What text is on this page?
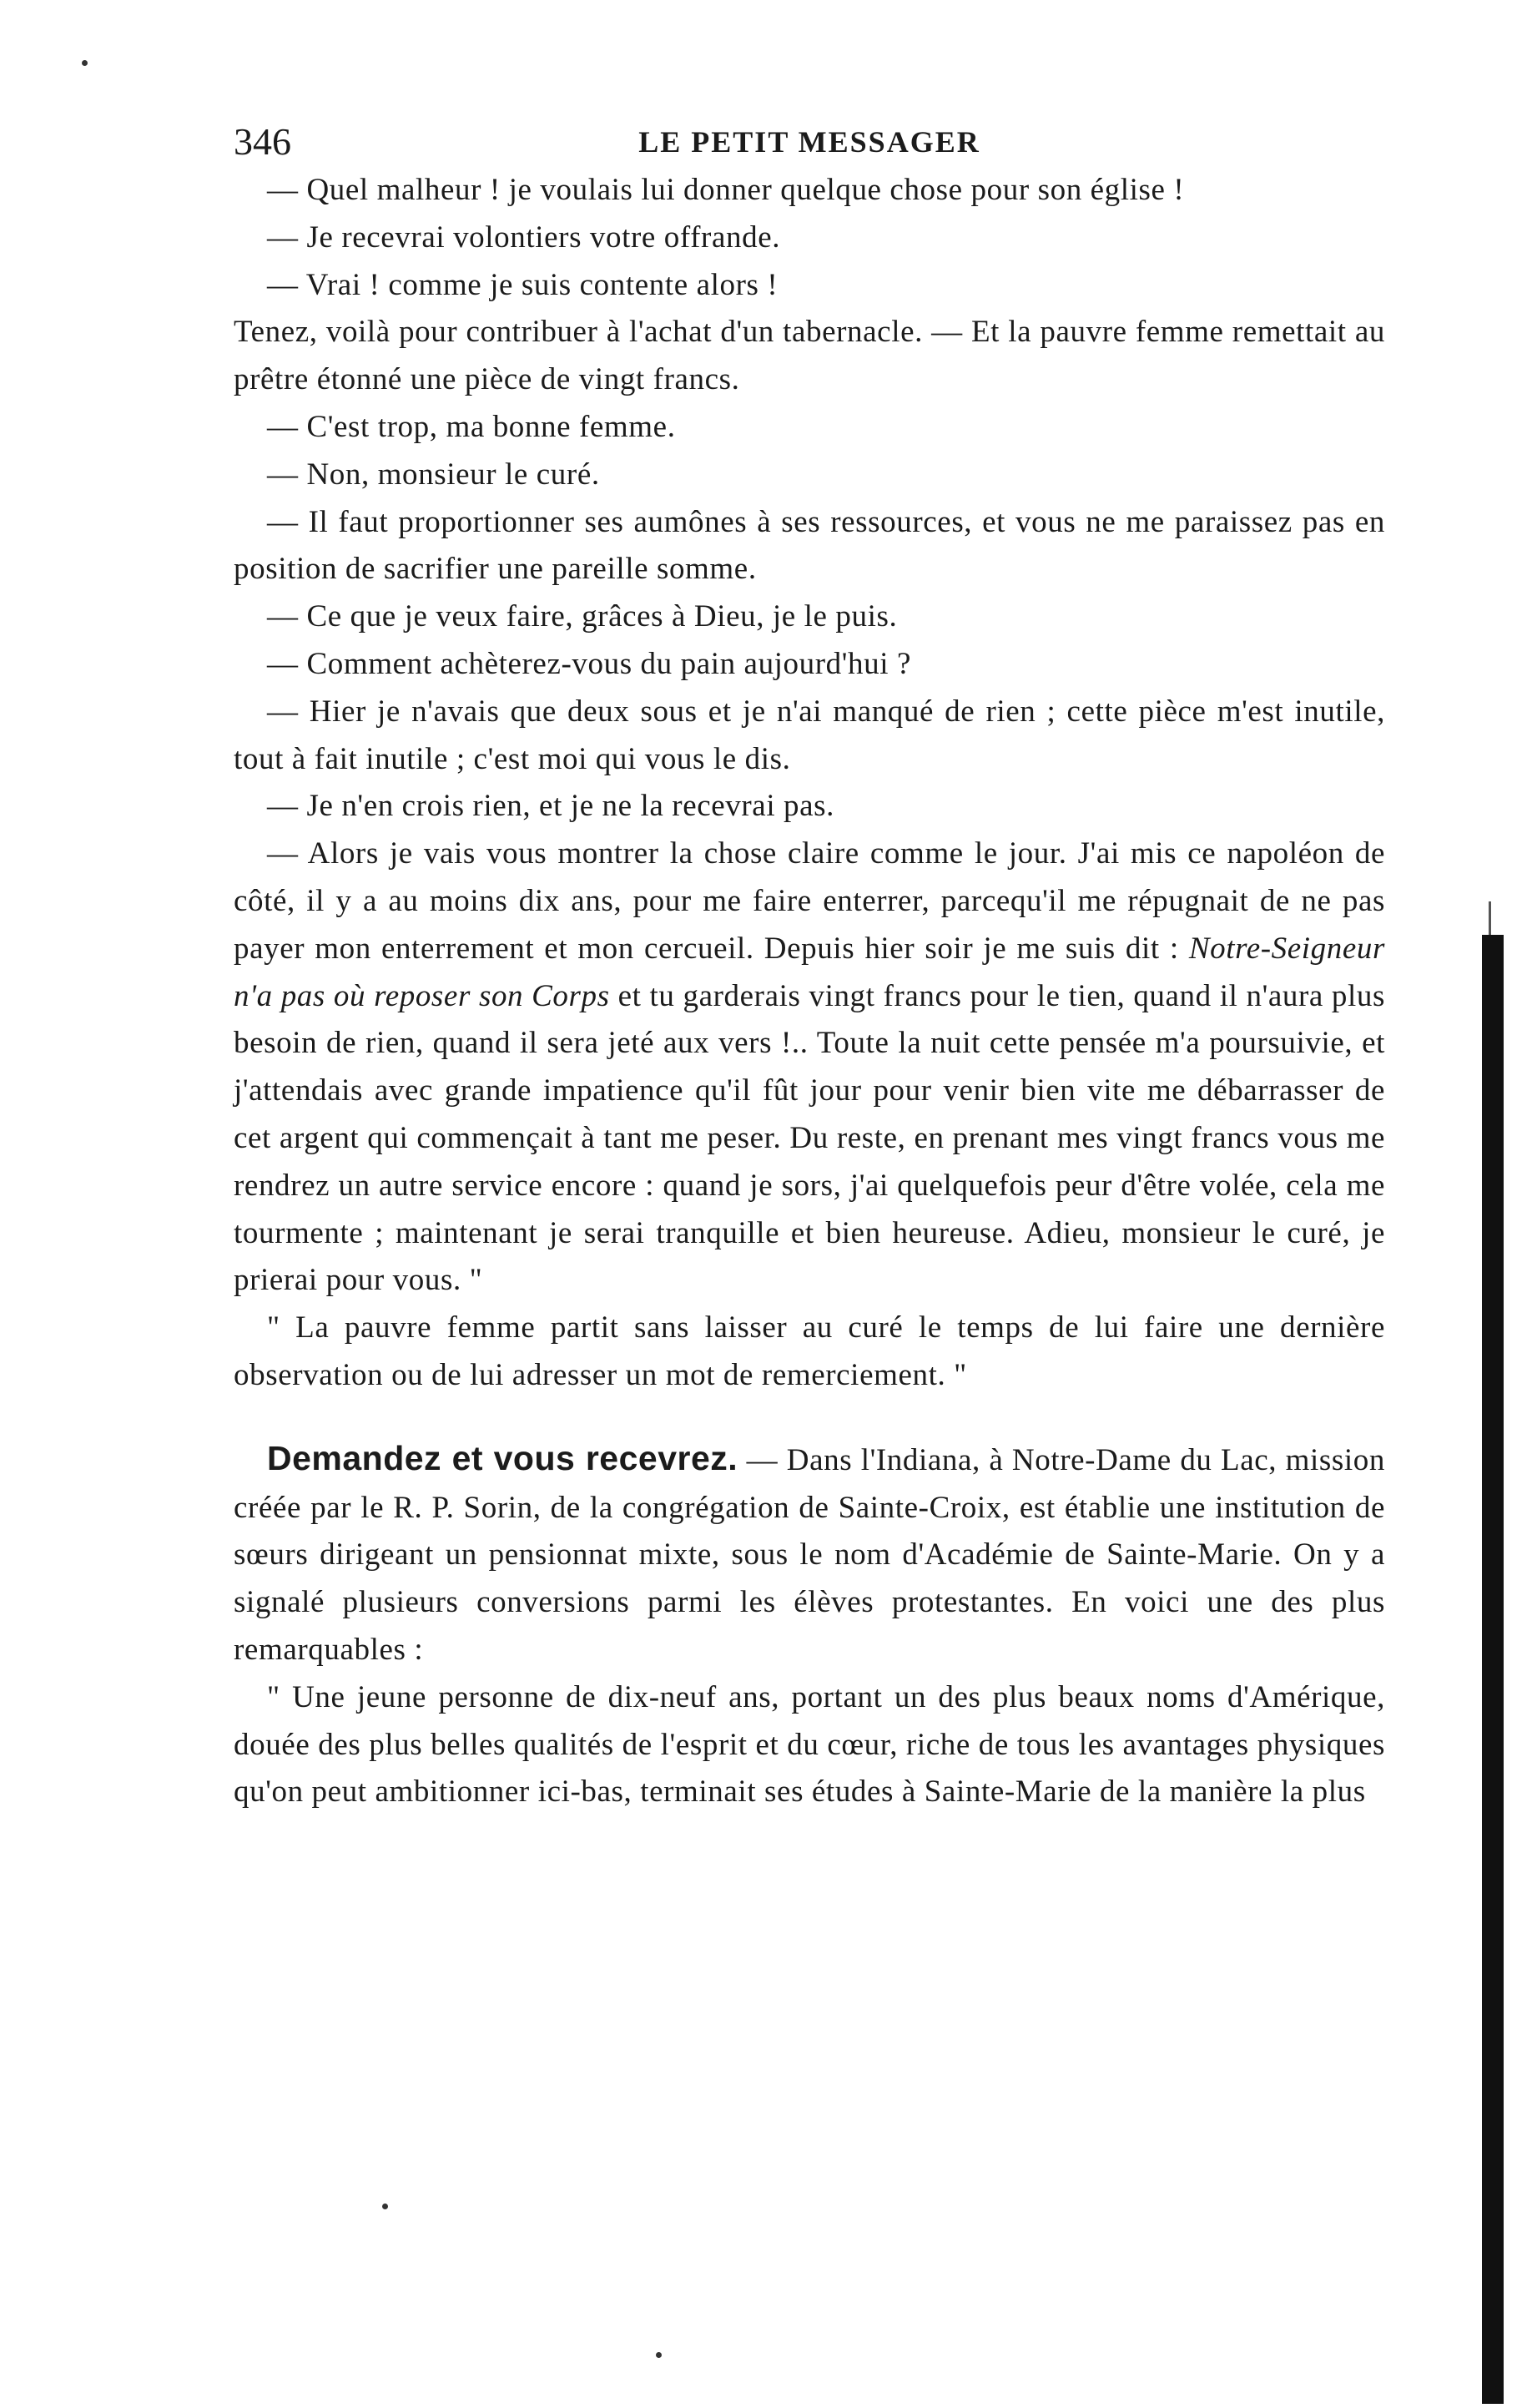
346	LE PETIT MESSAGER

— Quel malheur ! je voulais lui donner quelque chose pour son église !

— Je recevrai volontiers votre offrande.

— Vrai ! comme je suis contente alors !

Tenez, voilà pour contribuer à l'achat d'un tabernacle. — Et la pauvre femme remettait au prêtre étonné une pièce de vingt francs.

— C'est trop, ma bonne femme.

— Non, monsieur le curé.

— Il faut proportionner ses aumônes à ses ressources, et vous ne me paraissez pas en position de sacrifier une pareille somme.

— Ce que je veux faire, grâces à Dieu, je le puis.

— Comment achèterez-vous du pain aujourd'hui ?

— Hier je n'avais que deux sous et je n'ai manqué de rien ; cette pièce m'est inutile, tout à fait inutile ; c'est moi qui vous le dis.

— Je n'en crois rien, et je ne la recevrai pas.

— Alors je vais vous montrer la chose claire comme le jour. J'ai mis ce napoléon de côté, il y a au moins dix ans, pour me faire enterrer, parcequ'il me répugnait de ne pas payer mon enterrement et mon cercueil. Depuis hier soir je me suis dit : Notre-Seigneur n'a pas où reposer son Corps et tu garderais vingt francs pour le tien, quand il n'aura plus besoin de rien, quand il sera jeté aux vers !.. Toute la nuit cette pensée m'a poursuivie, et j'attendais avec grande impatience qu'il fût jour pour venir bien vite me débarrasser de cet argent qui commençait à tant me peser. Du reste, en prenant mes vingt francs vous me rendrez un autre service encore : quand je sors, j'ai quelquefois peur d'être volée, cela me tourmente ; maintenant je serai tranquille et bien heureuse. Adieu, monsieur le curé, je prierai pour vous. "

" La pauvre femme partit sans laisser au curé le temps de lui faire une dernière observation ou de lui adresser un mot de remerciement. "

Demandez et vous recevrez. — Dans l'Indiana, à Notre-Dame du Lac, mission créée par le R. P. Sorin, de la congrégation de Sainte-Croix, est établie une institution de sœurs dirigeant un pensionnat mixte, sous le nom d'Académie de Sainte-Marie. On y a signalé plusieurs conversions parmi les élèves protestantes. En voici une des plus remarquables :

" Une jeune personne de dix-neuf ans, portant un des plus beaux noms d'Amérique, douée des plus belles qualités de l'esprit et du cœur, riche de tous les avantages physiques qu'on peut ambitionner ici-bas, terminait ses études à Sainte-Marie de la manière la plus
